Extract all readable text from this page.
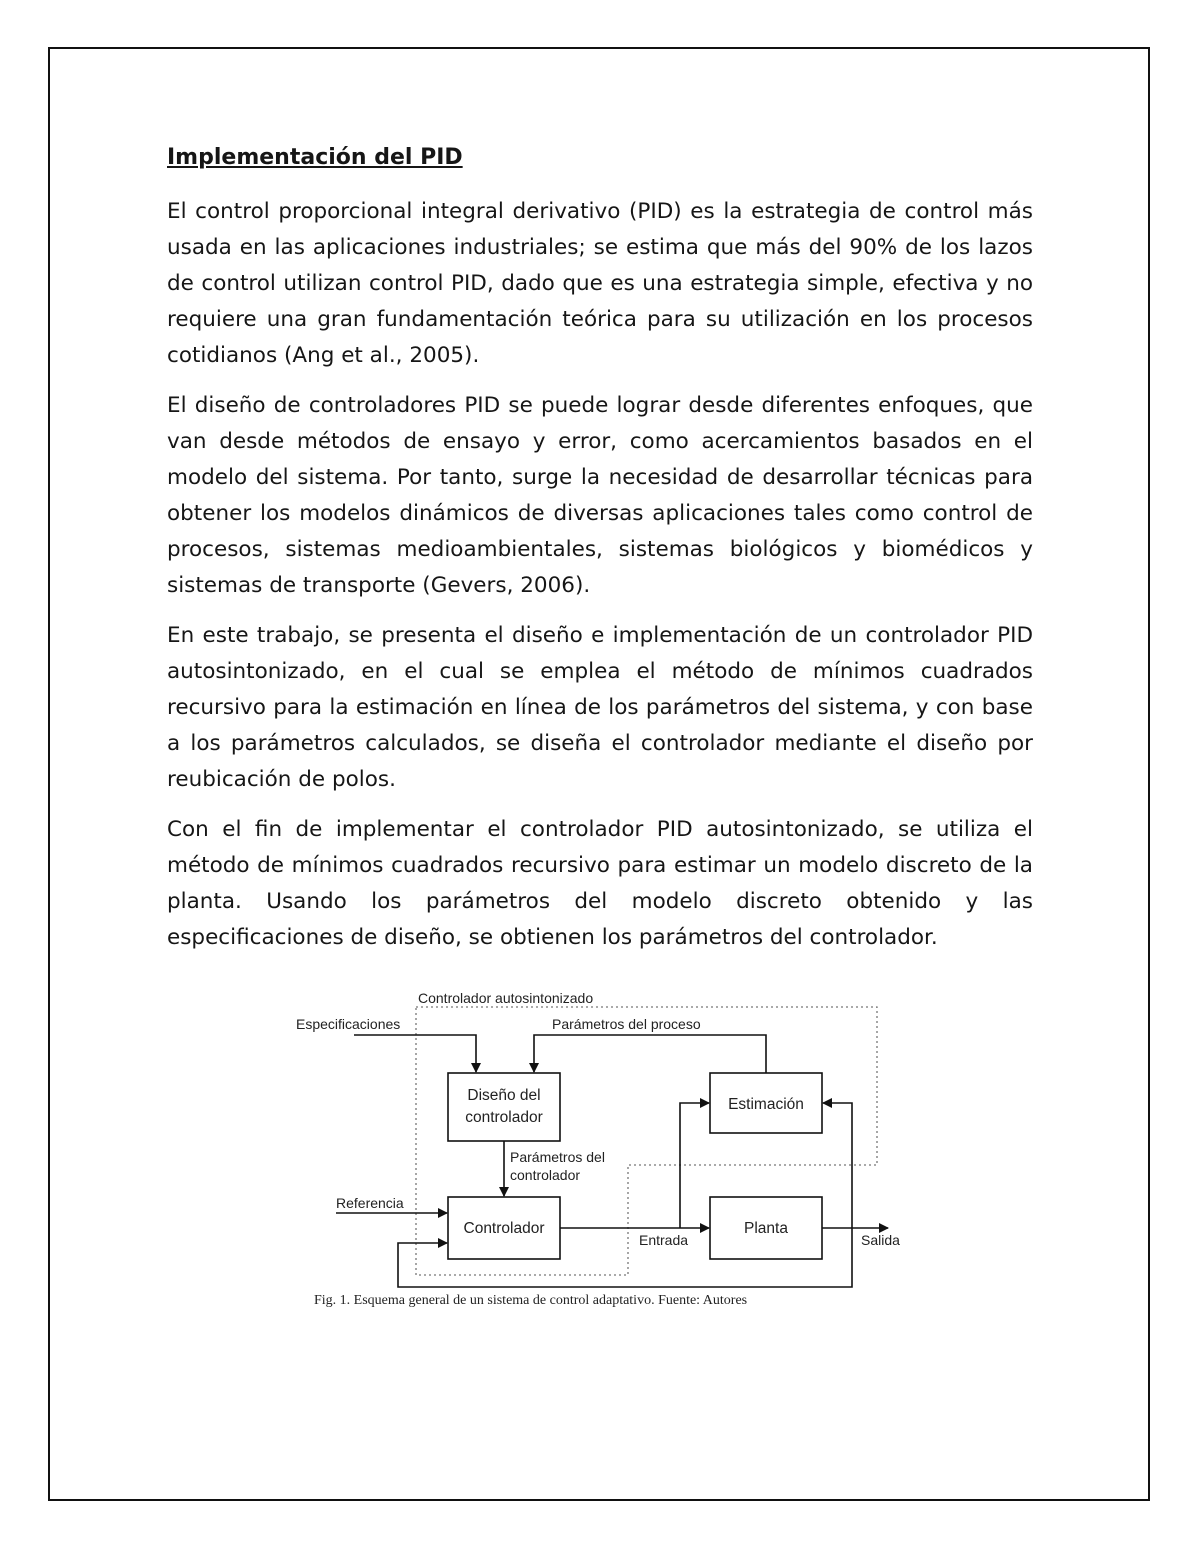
Implementación del PID

El control proporcional integral derivativo (PID) es la estrategia de control más usada en las aplicaciones industriales; se estima que más del 90% de los lazos de control utilizan control PID, dado que es una estrategia simple, efectiva y no requiere una gran fundamentación teórica para su utilización en los procesos cotidianos (Ang et al., 2005).

El diseño de controladores PID se puede lograr desde diferentes enfoques, que van desde métodos de ensayo y error, como acercamientos basados en el modelo del sistema. Por tanto, surge la necesidad de desarrollar técnicas para obtener los modelos dinámicos de diversas aplicaciones tales como control de procesos, sistemas medioambientales, sistemas biológicos y biomédicos y sistemas de transporte (Gevers, 2006).

En este trabajo, se presenta el diseño e implementación de un controlador PID autosintonizado, en el cual se emplea el método de mínimos cuadrados recursivo para la estimación en línea de los parámetros del sistema, y con base a los parámetros calculados, se diseña el controlador mediante el diseño por reubicación de polos.

Con el fin de implementar el controlador PID autosintonizado, se utiliza el método de mínimos cuadrados recursivo para estimar un modelo discreto de la planta. Usando los parámetros del modelo discreto obtenido y las especificaciones de diseño, se obtienen los parámetros del controlador.

Controlador autosintonizado
Diseño del
controlador
Estimación
Controlador	Planta
Especificaciones	Parámetros del proceso
Parámetros del
controlador
Referencia
Entrada	Salida
Fig. 1. Esquema general de un sistema de control adaptativo. Fuente: Autores
